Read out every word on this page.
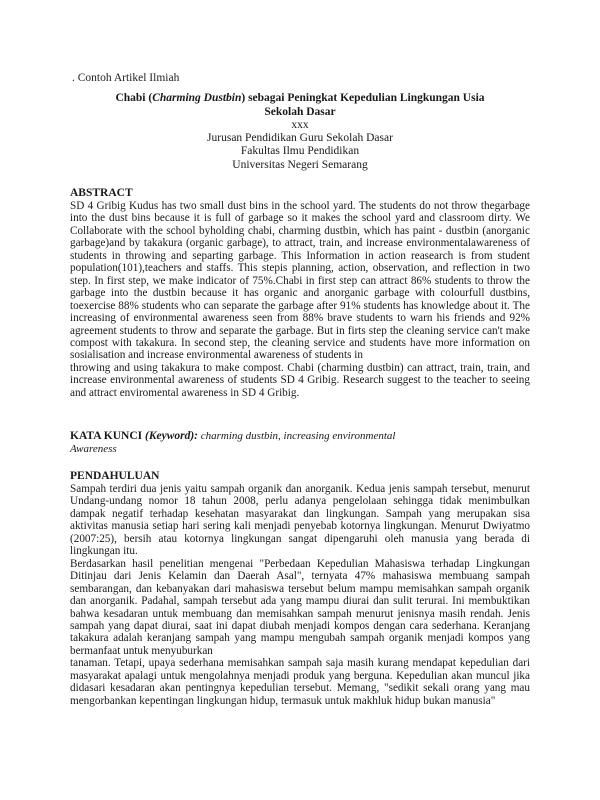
. Contoh Artikel Ilmiah

Chabi (Charming Dustbin) sebagai Peningkat Kepedulian Lingkungan Usia
Sekolah Dasar

xxx

Jurusan Pendidikan Guru Sekolah Dasar

Fakultas Ilmu Pendidikan

Universitas Negeri Semarang

ABSTRACT

SD 4 Gribig Kudus has two small dust bins in the school yard. The students do not throw thegarbage into the dust bins because it is full of garbage so it makes the school yard and classroom dirty. We Collaborate with the school byholding chabi, charming dustbin, which has paint - dustbin (anorganic garbage)and by takakura (organic garbage), to attract, train, and increase environmentalawareness of students in throwing and separting garbage. This Information in action reasearch is from student population(101),teachers and staffs. This stepis planning, action, observation, and reflection in two step. In first step, we make indicator of 75%.Chabi in first step can attract 86% students to throw the garbage into the dustbin because it has organic and anorganic garbage with colourfull dustbins, toexercise 88% students who can separate the garbage after 91% students has knowledge about it. The increasing of environmental awareness seen from 88% brave students to warn his friends and 92% agreement students to throw and separate the garbage. But in firts step the cleaning service can't make compost with takakura. In second step, the cleaning service and students have more information on sosialisation and increase environmental awareness of students in

throwing and using takakura to make compost. Chabi (charming dustbin) can attract, train, train, and increase environmental awareness of students SD 4 Gribig. Research suggest to the teacher to seeing and attract enviromental awareness in SD 4 Gribig.

KATA KUNCI (Keyword): charming dustbin, increasing environmental
Awareness

PENDAHULUAN

Sampah terdiri dua jenis yaitu sampah organik dan anorganik. Kedua jenis sampah tersebut, menurut Undang-undang nomor 18 tahun 2008, perlu adanya pengelolaan sehingga tidak menimbulkan dampak negatif terhadap kesehatan masyarakat dan lingkungan. Sampah yang merupakan sisa aktivitas manusia setiap hari sering kali menjadi penyebab kotornya lingkungan. Menurut Dwiyatmo (2007:25), bersih atau kotornya lingkungan sangat dipengaruhi oleh manusia yang berada di lingkungan itu.

Berdasarkan hasil penelitian mengenai "Perbedaan Kepedulian Mahasiswa terhadap Lingkungan Ditinjau dari Jenis Kelamin dan Daerah Asal", ternyata 47% mahasiswa membuang sampah sembarangan, dan kebanyakan dari mahasiswa tersebut belum mampu memisahkan sampah organik dan anorganik. Padahal, sampah tersebut ada yang mampu diurai dan sulit terurai. Ini membuktikan bahwa kesadaran untuk membuang dan memisahkan sampah menurut jenisnya masih rendah. Jenis sampah yang dapat diurai, saat ini dapat diubah menjadi kompos dengan cara sederhana. Keranjang takakura adalah keranjang sampah yang mampu mengubah sampah organik menjadi kompos yang bermanfaat untuk menyuburkan

tanaman. Tetapi, upaya sederhana memisahkan sampah saja masih kurang mendapat kepedulian dari masyarakat apalagi untuk mengolahnya menjadi produk yang berguna. Kepedulian akan muncul jika didasari kesadaran akan pentingnya kepedulian tersebut. Memang, "sedikit sekali orang yang mau mengorbankan kepentingan lingkungan hidup, termasuk untuk makhluk hidup bukan manusia"
